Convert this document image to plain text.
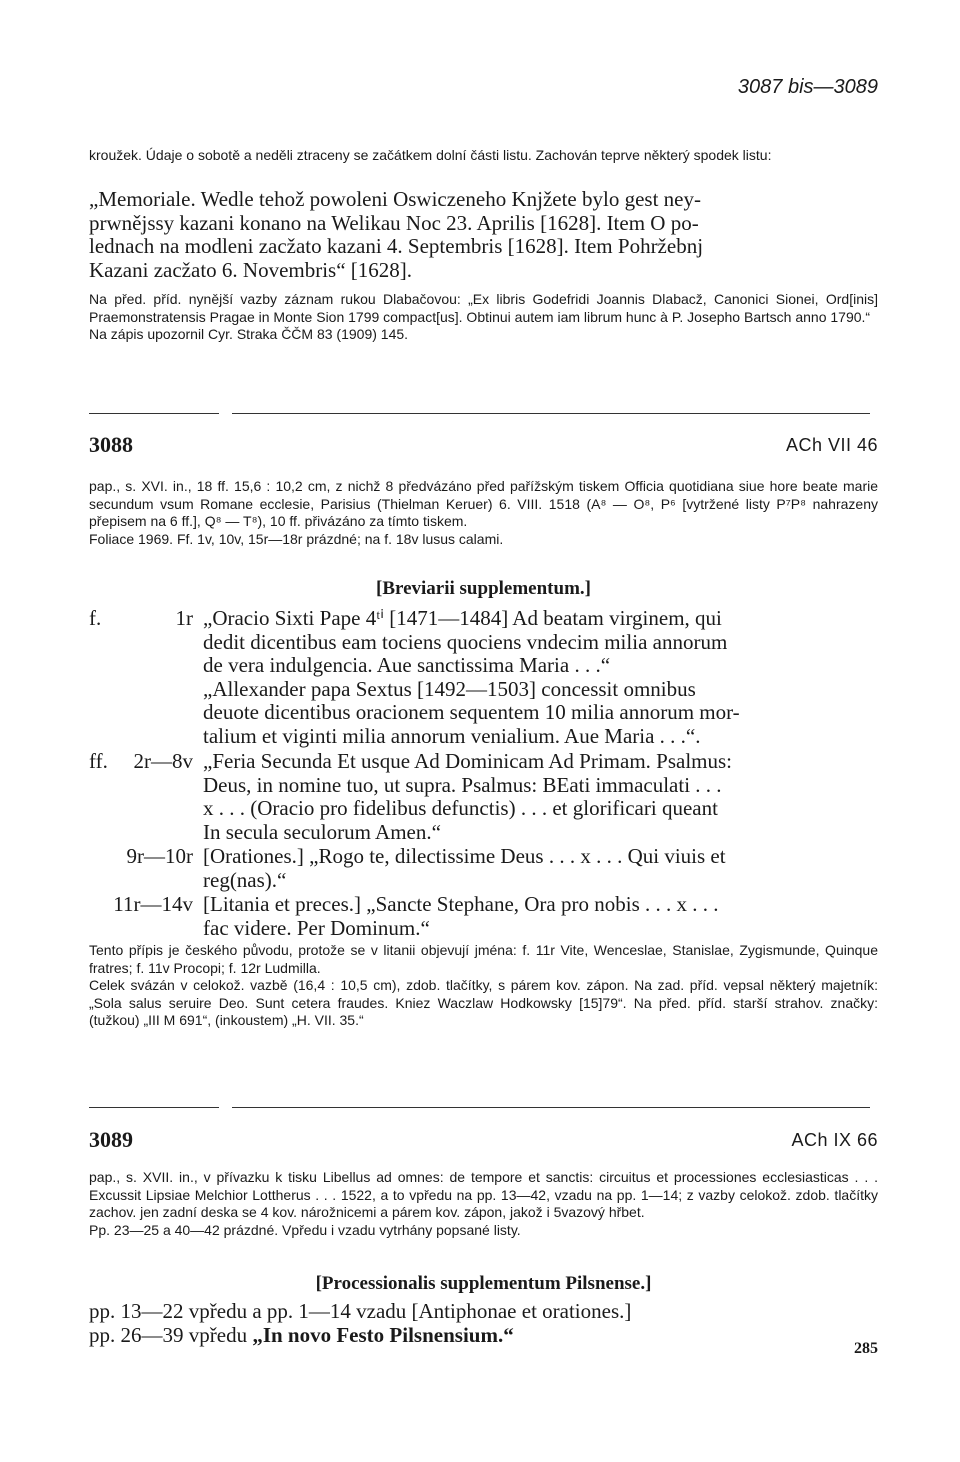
3087 bis—3089

kroužek. Údaje o sobotě a neděli ztraceny se začátkem dolní části listu. Zachován teprve některý spodek listu:

„Memoriale. Wedle tehož powoleni Oswiczeneho Knjžete bylo gest ney-

prwnějssy kazani konano na Welikau Noc 23. Aprilis [1628]. Item O po-

lednach na modleni zacžato kazani 4. Septembris [1628]. Item Pohržebnj

Kazani zacžato 6. Novembris“ [1628].

Na před. příd. nynější vazby záznam rukou Dlabačovou: „Ex libris Godefridi Joannis Dlabacž, Canonici Sionei, Ord[inis] Praemonstratensis Pragae in Monte Sion 1799 compact[us]. Obtinui autem iam librum hunc à P. Josepho Bartsch anno 1790.“

Na zápis upozornil Cyr. Straka ČČM 83 (1909) 145.

3088	ACh VII 46

pap., s. XVI. in., 18 ff. 15,6 : 10,2 cm, z nichž 8 předvázáno před pařížským tiskem Officia quotidiana siue hore beate marie secundum vsum Romane ecclesie, Parisius (Thielman Keruer) 6. VIII. 1518 (A⁸ — O⁸, P⁶ [vytržené listy P⁷P⁸ nahrazeny přepisem na 6 ff.], Q⁸ — T⁸), 10 ff. přivázáno za tímto tiskem.

Foliace 1969. Ff. 1v, 10v, 15r—18r prázdné; na f. 18v lusus calami.

[Breviarii supplementum.]
f.	1r „Oracio Sixti Pape 4ᵗⁱ [1471—1484] Ad beatam virginem, qui

dedit dicentibus eam tociens quociens vndecim milia annorum

de vera indulgencia. Aue sanctissima Maria . . .“

„Allexander papa Sextus [1492—1503] concessit omnibus

deuote dicentibus oracionem sequentem 10 milia annorum mor-

talium et viginti milia annorum venialium. Aue Maria . . .“.

ff. 2r—8v „Feria Secunda Et usque Ad Dominicam Ad Primam. Psalmus:

Deus, in nomine tuo, ut supra. Psalmus: BEati immaculati . . .

x . . . (Oracio pro fidelibus defunctis) . . . et glorificari queant

In secula seculorum Amen.“

9r—10r [Orationes.] „Rogo te, dilectissime Deus . . . x . . . Qui viuis et

reg(nas).“

11r—14v [Litania et preces.] „Sancte Stephane, Ora pro nobis . . . x . . .

fac videre. Per Dominum.“

Tento přípis je českého původu, protože se v litanii objevují jména: f. 11r Vite, Wenceslae, Stanislae, Zygismunde, Quinque fratres; f. 11v Procopi; f. 12r Ludmilla.

Celek svázán v celokož. vazbě (16,4 : 10,5 cm), zdob. tlačítky, s párem kov. zápon. Na zad. příd. vepsal některý majetník: „Sola salus seruire Deo. Sunt cetera fraudes. Kniez Waczlaw Hodkowsky [15]79“. Na před. příd. starší strahov. značky: (tužkou) „III M 691“, (inkoustem) „H. VII. 35.“

3089	ACh IX 66

pap., s. XVII. in., v přívazku k tisku Libellus ad omnes: de tempore et sanctis: circuitus et processiones ecclesiasticas . . . Excussit Lipsiae Melchior Lottherus . . . 1522, a to vpředu na pp. 13—42, vzadu na pp. 1—14; z vazby celokož. zdob. tlačítky zachov. jen zadní deska se 4 kov. nárožnicemi a párem kov. zápon, jakož i 5vazový hřbet.

Pp. 23—25 a 40—42 prázdné. Vpředu i vzadu vytrhány popsané listy.

[Processionalis supplementum Pilsnense.]

pp. 13—22 vpředu a pp. 1—14 vzadu [Antiphonae et orationes.]

pp. 26—39 vpředu „In novo Festo Pilsnensium.“

285
